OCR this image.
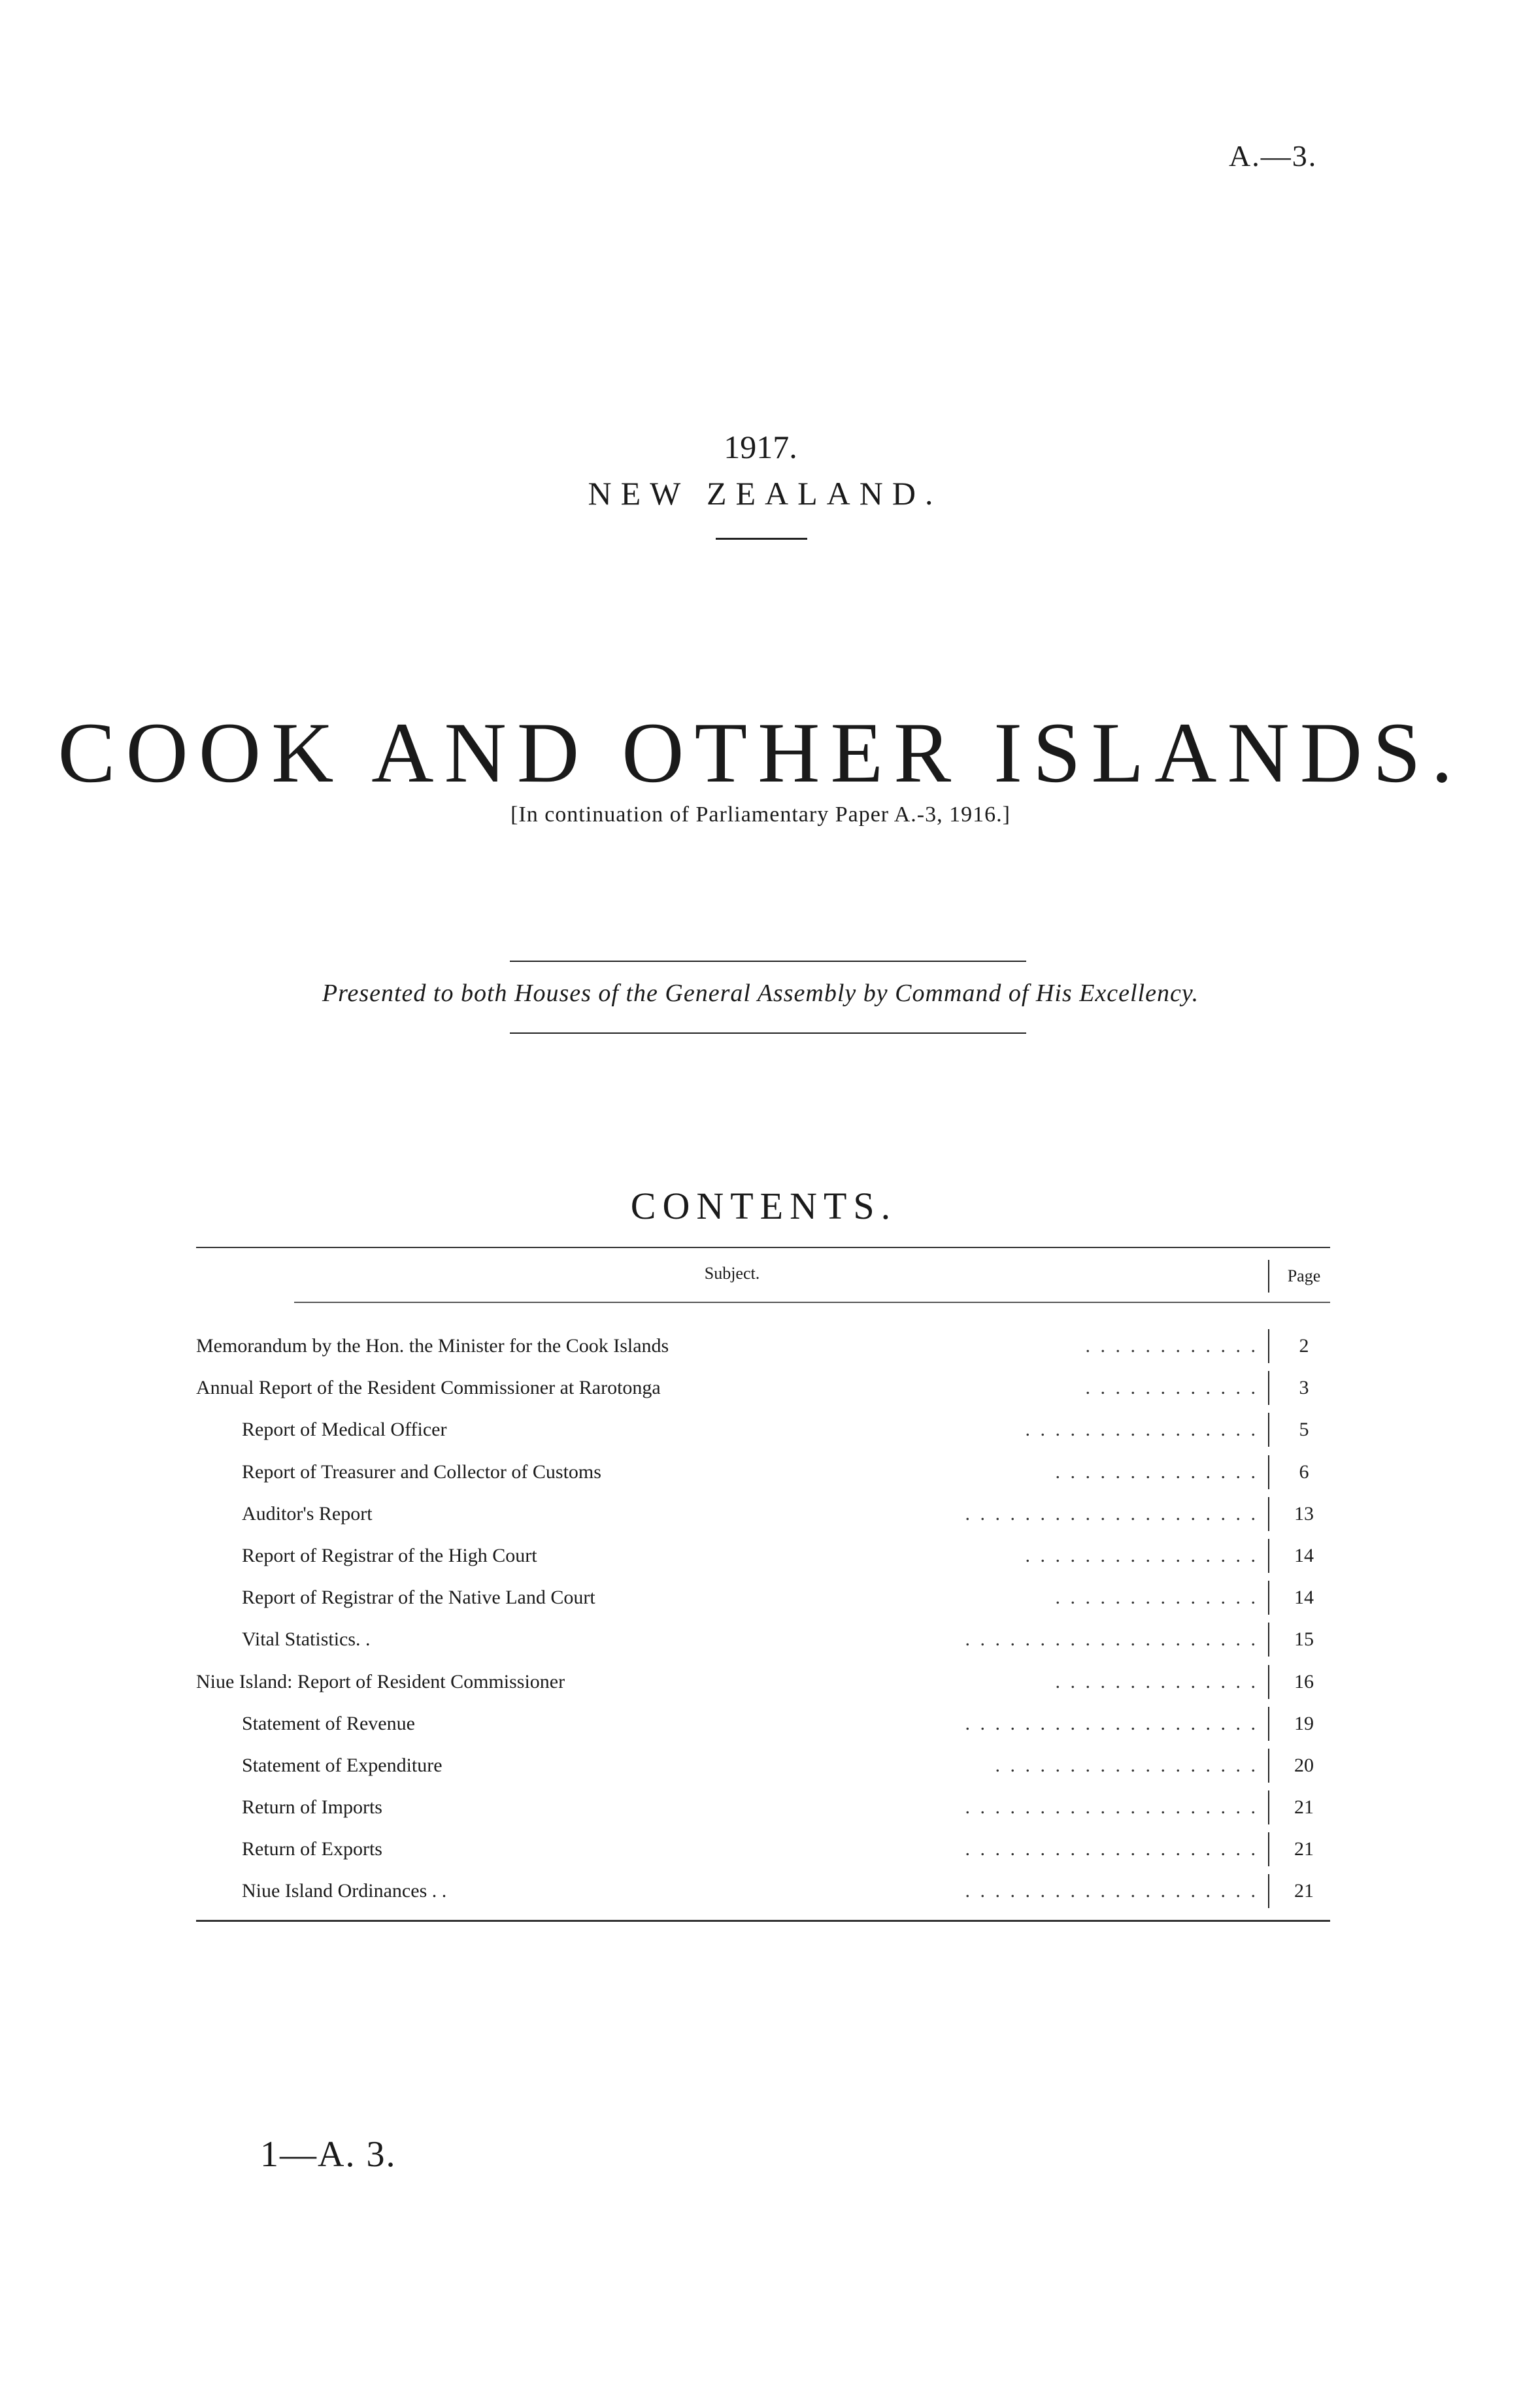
A.—3.
1917.
NEW ZEALAND.
COOK AND OTHER ISLANDS.
[In continuation of Parliamentary Paper A.-3, 1916.]
Presented to both Houses of the General Assembly by Command of His Excellency.
CONTENTS.
Subject.	Page
Memorandum by the Hon. the Minister for the Cook Islands	. . . . . . . . . . . .	2
Annual Report of the Resident Commissioner at Rarotonga	. . . . . . . . . . . .	3
Report of Medical Officer	. . . . . . . . . . . . . . . .	5
Report of Treasurer and Collector of Customs	. . . . . . . . . . . . . .	6
Auditor's Report	. . . . . . . . . . . . . . . . . . . .	13
Report of Registrar of the High Court	. . . . . . . . . . . . . . . .	14
Report of Registrar of the Native Land Court	. . . . . . . . . . . . . .	14
Vital Statistics. .	. . . . . . . . . . . . . . . . . . . .	15
Niue Island: Report of Resident Commissioner	. . . . . . . . . . . . . .	16
Statement of Revenue	. . . . . . . . . . . . . . . . . . . .	19
Statement of Expenditure	. . . . . . . . . . . . . . . . . .	20
Return of Imports	. . . . . . . . . . . . . . . . . . . .	21
Return of Exports	. . . . . . . . . . . . . . . . . . . .	21
Niue Island Ordinances . .	. . . . . . . . . . . . . . . . . . . .	21
1—A. 3.
